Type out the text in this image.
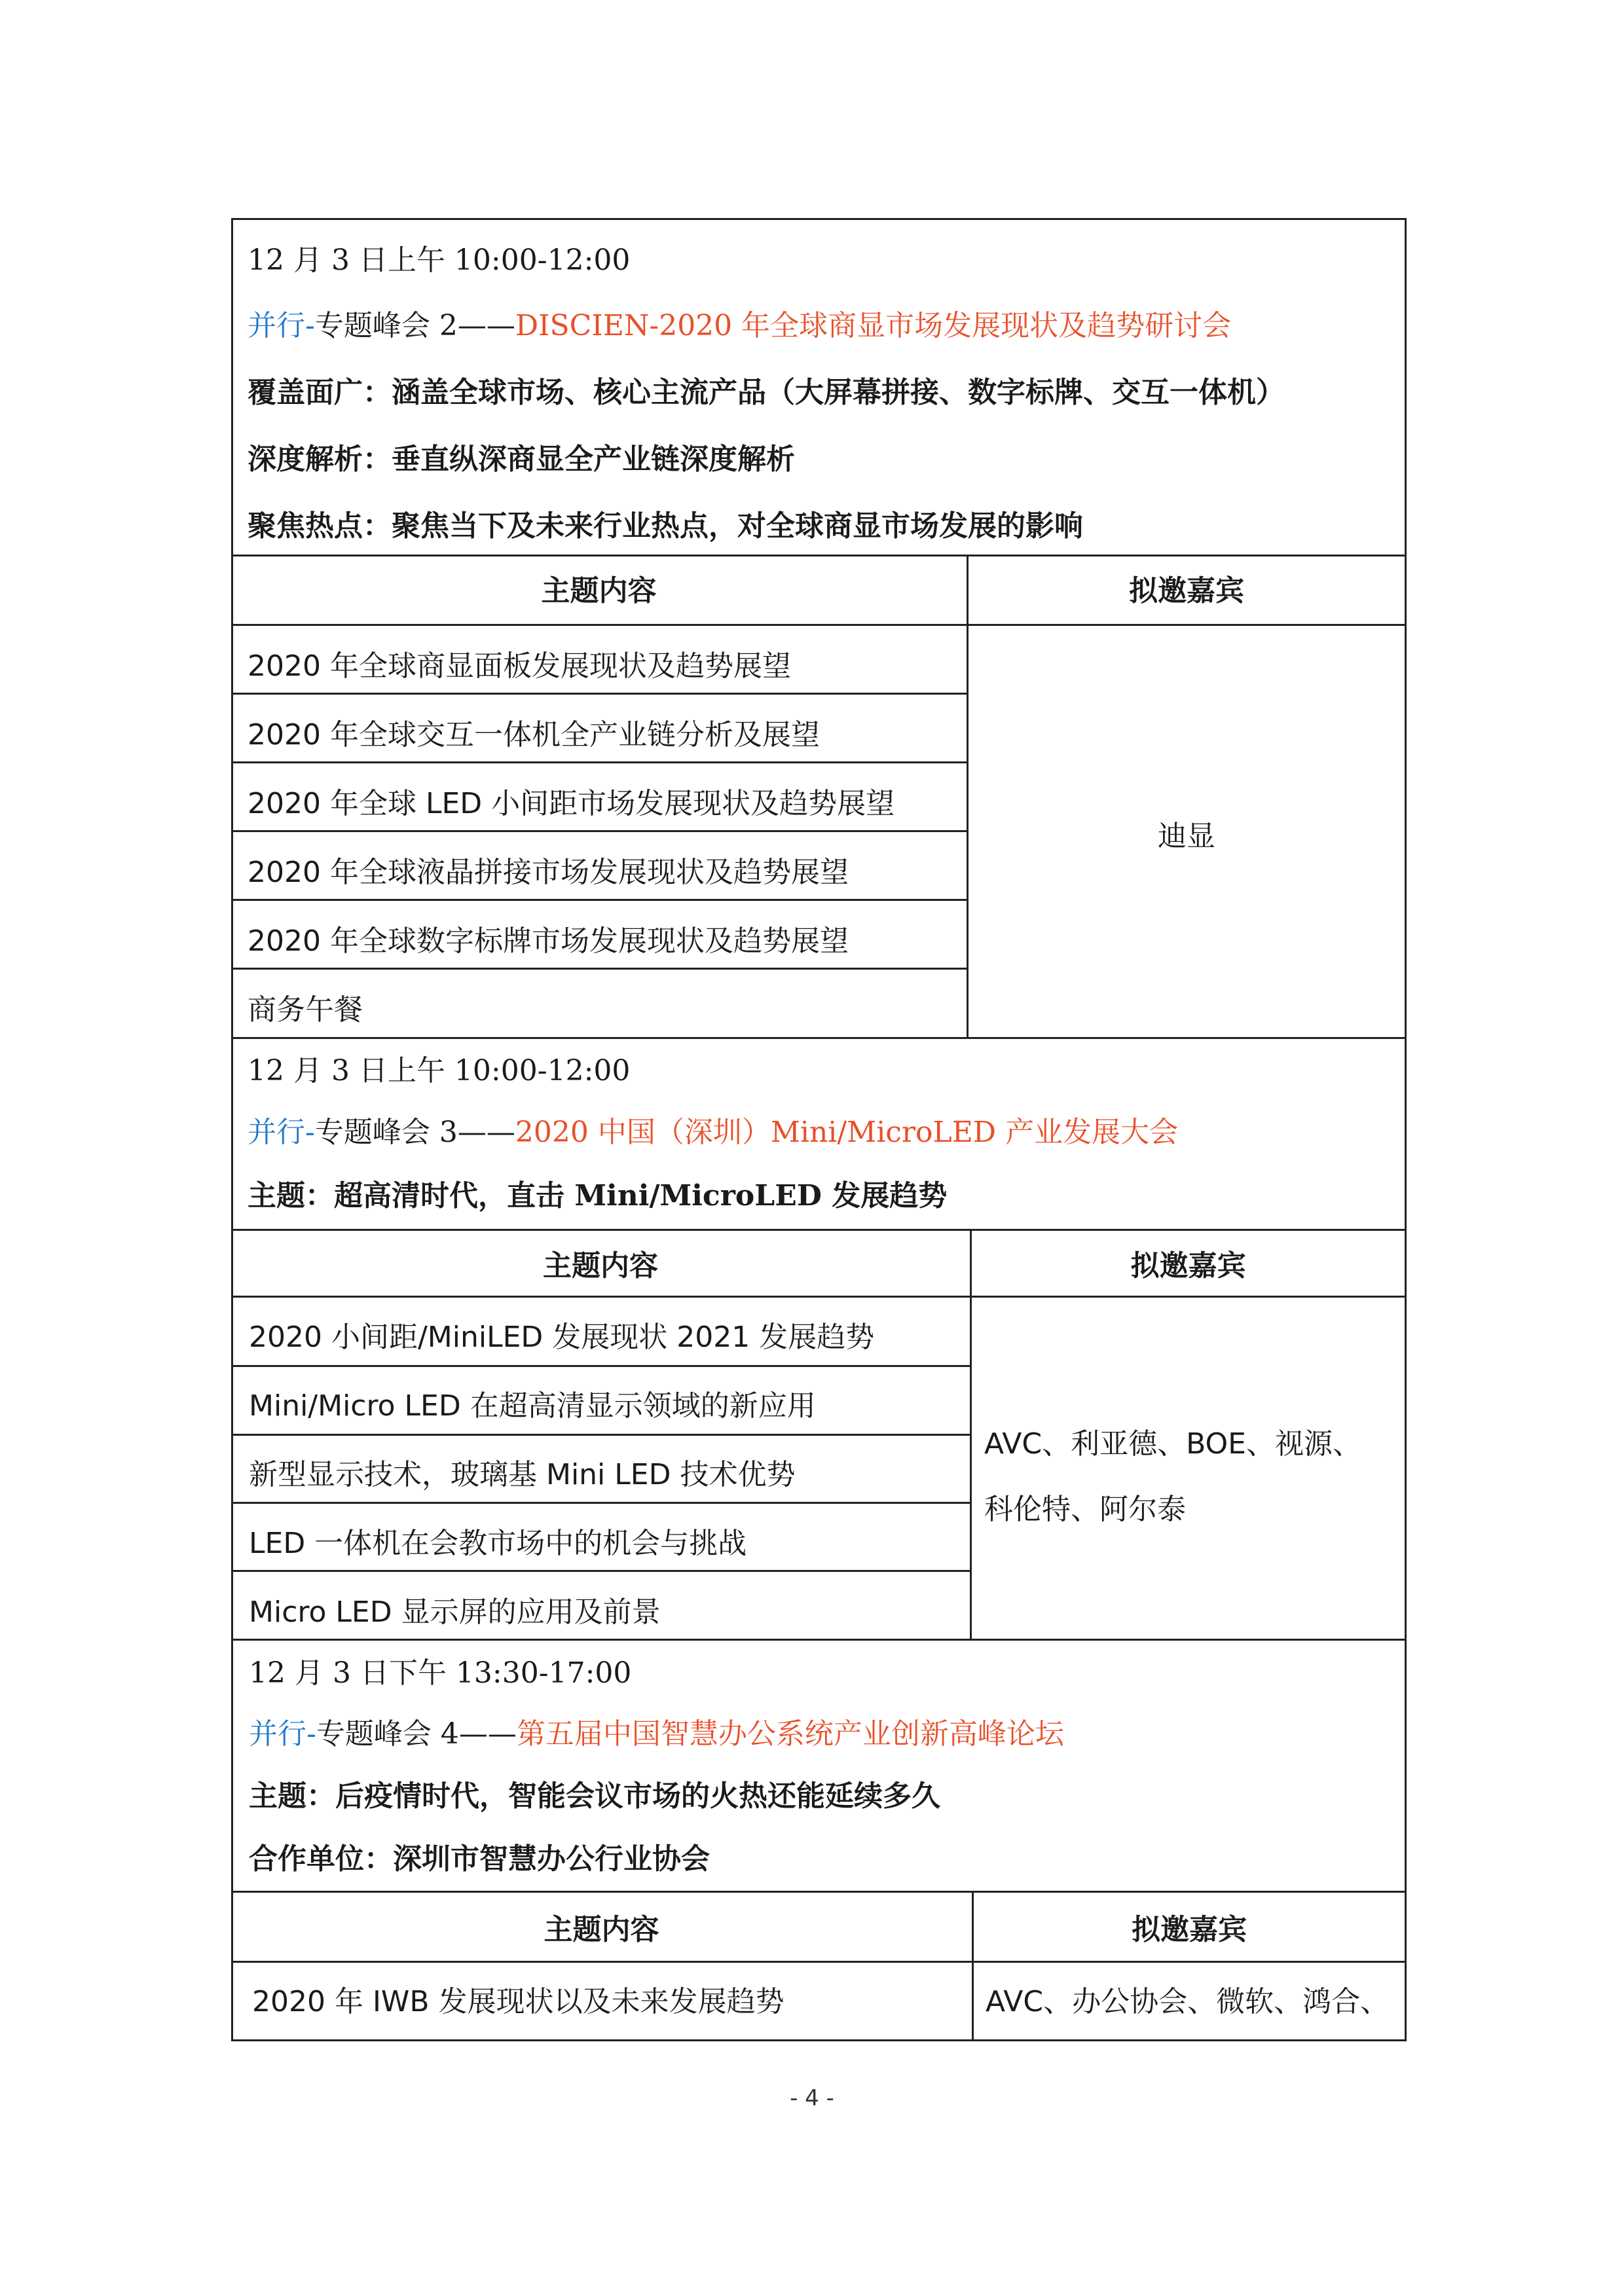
12 月 3 日上午 10:00-12:00
并行-专题峰会 2——DISCIEN-2020 年全球商显市场发展现状及趋势研讨会
覆盖面广：涵盖全球市场、核心主流产品（大屏幕拼接、数字标牌、交互一体机）
深度解析：垂直纵深商显全产业链深度解析
聚焦热点：聚焦当下及未来行业热点，对全球商显市场发展的影响
主题内容	拟邀嘉宾
2020 年全球商显面板发展现状及趋势展望
2020 年全球交互一体机全产业链分析及展望
2020 年全球 LED 小间距市场发展现状及趋势展望
2020 年全球液晶拼接市场发展现状及趋势展望
2020 年全球数字标牌市场发展现状及趋势展望
商务午餐
迪显
12 月 3 日上午 10:00-12:00
并行-专题峰会 3——2020 中国（深圳）Mini/MicroLED 产业发展大会
主题：超高清时代，直击 Mini/MicroLED 发展趋势
主题内容	拟邀嘉宾
2020 小间距/MiniLED 发展现状 2021 发展趋势
Mini/Micro LED 在超高清显示领域的新应用
新型显示技术，玻璃基 Mini LED 技术优势
LED 一体机在会教市场中的机会与挑战
Micro LED 显示屏的应用及前景
AVC、利亚德、BOE、视源、
科伦特、阿尔泰
12 月 3 日下午 13:30-17:00
并行-专题峰会 4——第五届中国智慧办公系统产业创新高峰论坛
主题：后疫情时代，智能会议市场的火热还能延续多久
合作单位：深圳市智慧办公行业协会
主题内容	拟邀嘉宾
2020 年 IWB 发展现状以及未来发展趋势	AVC、办公协会、微软、鸿合、
- 4 -
